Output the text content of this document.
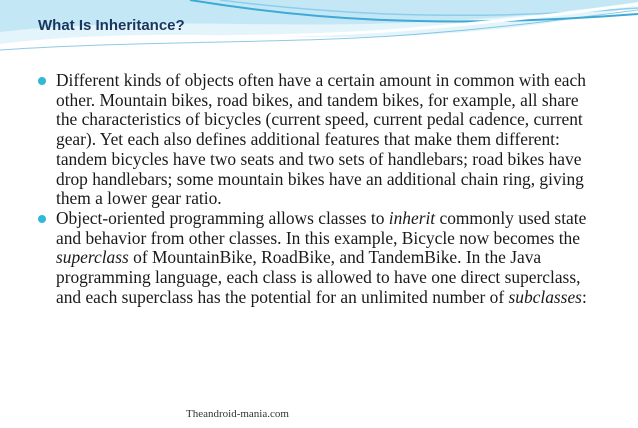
What Is Inheritance?
Different kinds of objects often have a certain amount in common with each other. Mountain bikes, road bikes, and tandem bikes, for example, all share the characteristics of bicycles (current speed, current pedal cadence, current gear). Yet each also defines additional features that make them different: tandem bicycles have two seats and two sets of handlebars; road bikes have drop handlebars; some mountain bikes have an additional chain ring, giving them a lower gear ratio.
Object-oriented programming allows classes to inherit commonly used state and behavior from other classes. In this example, Bicycle now becomes the superclass of MountainBike, RoadBike, and TandemBike. In the Java programming language, each class is allowed to have one direct superclass, and each superclass has the potential for an unlimited number of subclasses:
Theandroid-mania.com
